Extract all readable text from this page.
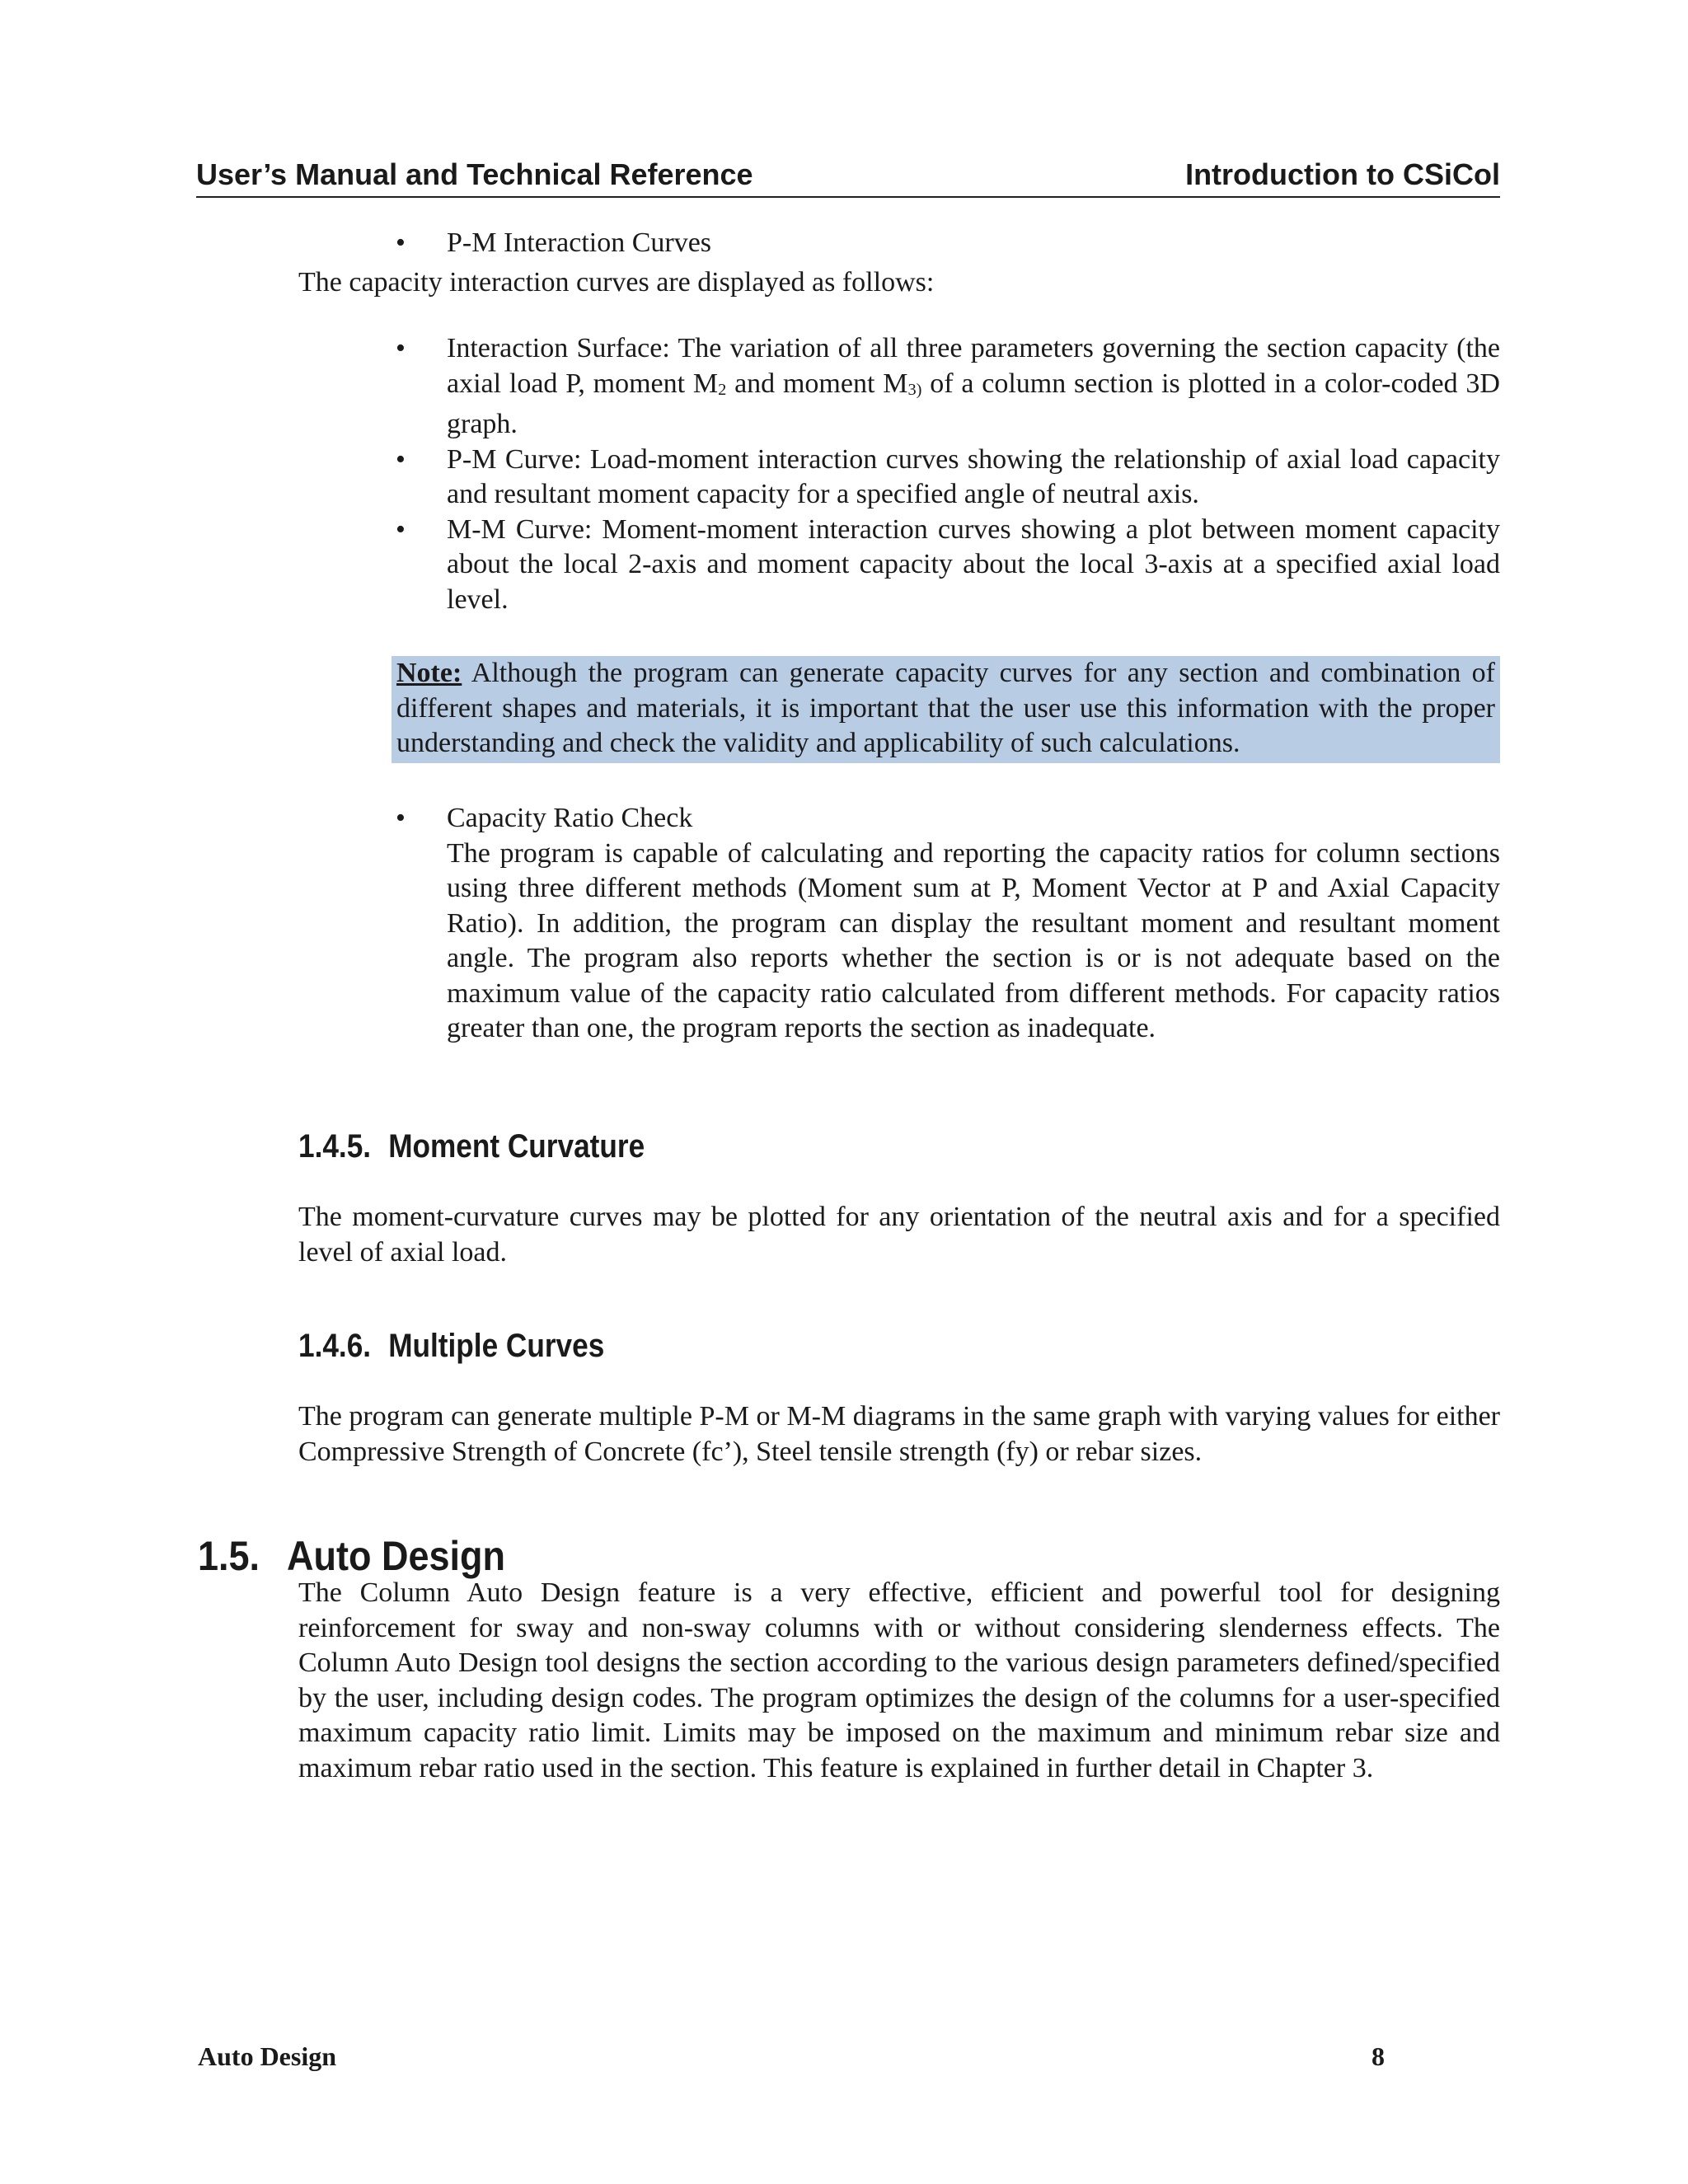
User’s Manual and Technical Reference	Introduction to CSiCol
• P-M Interaction Curves
The capacity interaction curves are displayed as follows:
• Interaction Surface: The variation of all three parameters governing the section capacity (the axial load P, moment $M_2$ and moment $M_{3)}$ of a column section is plotted in a color-coded 3D graph.
• P-M Curve: Load-moment interaction curves showing the relationship of axial load capacity and resultant moment capacity for a specified angle of neutral axis.
• M-M Curve: Moment-moment interaction curves showing a plot between moment capacity about the local 2-axis and moment capacity about the local 3-axis at a specified axial load level.
Note: Although the program can generate capacity curves for any section and combination of different shapes and materials, it is important that the user use this information with the proper understanding and check the validity and applicability of such calculations.
• Capacity Ratio Check
The program is capable of calculating and reporting the capacity ratios for column sections using three different methods (Moment sum at P, Moment Vector at P and Axial Capacity Ratio). In addition, the program can display the resultant moment and resultant moment angle. The program also reports whether the section is or is not adequate based on the maximum value of the capacity ratio calculated from different methods. For capacity ratios greater than one, the program reports the section as inadequate.
1.4.5. Moment Curvature
The moment-curvature curves may be plotted for any orientation of the neutral axis and for a specified level of axial load.
1.4.6. Multiple Curves
The program can generate multiple P-M or M-M diagrams in the same graph with varying values for either Compressive Strength of Concrete (fc’), Steel tensile strength (fy) or rebar sizes.
1.5. Auto Design
The Column Auto Design feature is a very effective, efficient and powerful tool for designing reinforcement for sway and non-sway columns with or without considering slenderness effects. The Column Auto Design tool designs the section according to the various design parameters defined/specified by the user, including design codes. The program optimizes the design of the columns for a user-specified maximum capacity ratio limit. Limits may be imposed on the maximum and minimum rebar size and maximum rebar ratio used in the section. This feature is explained in further detail in Chapter 3.
Auto Design	8
